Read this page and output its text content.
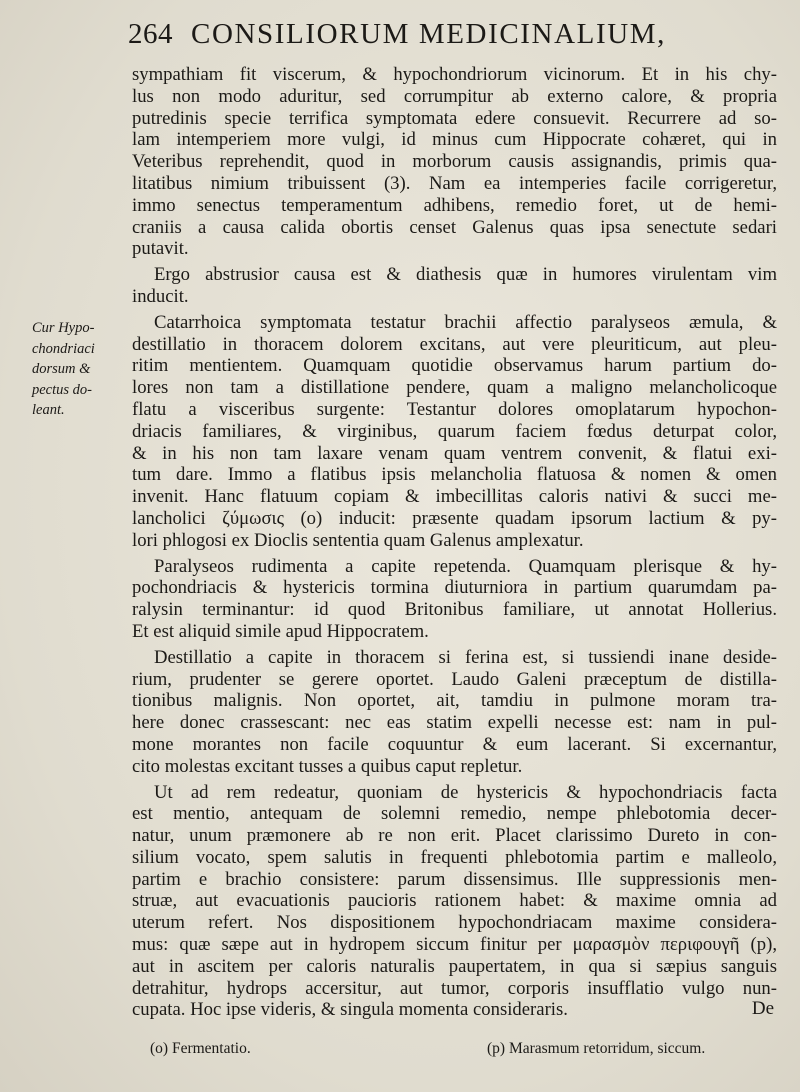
264 CONSILIORUM MEDICINALIUM,
Cur Hypo-
chondriaci
dorsum &
pectus do-
leant.
sympathiam fit viscerum, & hypochondriorum vicinorum. Et in his chy-
lus non modo aduritur, sed corrumpitur ab externo calore, & propria
putredinis specie terrifica symptomata edere consuevit. Recurrere ad so-
lam intemperiem more vulgi, id minus cum Hippocrate cohæret, qui in
Veteribus reprehendit, quod in morborum causis assignandis, primis qua-
litatibus nimium tribuissent (3). Nam ea intemperies facile corrigeretur,
immo senectus temperamentum adhibens, remedio foret, ut de hemi-
craniis a causa calida obortis censet Galenus quas ipsa senectute sedari
putavit.
Ergo abstrusior causa est & diathesis quæ in humores virulentam vim
inducit.
Catarrhoica symptomata testatur brachii affectio paralyseos æmula, &
destillatio in thoracem dolorem excitans, aut vere pleuriticum, aut pleu-
ritim mentientem. Quamquam quotidie observamus harum partium do-
lores non tam a distillatione pendere, quam a maligno melancholicoque
flatu a visceribus surgente: Testantur dolores omoplatarum hypochon-
driacis familiares, & virginibus, quarum faciem fœdus deturpat color,
& in his non tam laxare venam quam ventrem convenit, & flatui exi-
tum dare. Immo a flatibus ipsis melancholia flatuosa & nomen & omen
invenit. Hanc flatuum copiam & imbecillitas caloris nativi & succi me-
lancholici ζύμωσις (o) inducit: præsente quadam ipsorum lactium & py-
lori phlogosi ex Dioclis sententia quam Galenus amplexatur.
Paralyseos rudimenta a capite repetenda. Quamquam plerisque & hy-
pochondriacis & hystericis tormina diuturniora in partium quarumdam pa-
ralysin terminantur: id quod Britonibus familiare, ut annotat Hollerius.
Et est aliquid simile apud Hippocratem.
Destillatio a capite in thoracem si ferina est, si tussiendi inane deside-
rium, prudenter se gerere oportet. Laudo Galeni præceptum de distilla-
tionibus malignis. Non oportet, ait, tamdiu in pulmone moram tra-
here donec crassescant: nec eas statim expelli necesse est: nam in pul-
mone morantes non facile coquuntur & eum lacerant. Si excernantur,
cito molestas excitant tusses a quibus caput repletur.
Ut ad rem redeatur, quoniam de hystericis & hypochondriacis facta
est mentio, antequam de solemni remedio, nempe phlebotomia decer-
natur, unum præmonere ab re non erit. Placet clarissimo Dureto in con-
silium vocato, spem salutis in frequenti phlebotomia partim e malleolo,
partim e brachio consistere: parum dissensimus. Ille suppressionis men-
struæ, aut evacuationis paucioris rationem habet: & maxime omnia ad
uterum refert. Nos dispositionem hypochondriacam maxime considera-
mus: quæ sæpe aut in hydropem siccum finitur per μαρασμὸν περιφουγῆ (p),
aut in ascitem per caloris naturalis paupertatem, in qua si sæpius sanguis
detrahitur, hydrops accersitur, aut tumor, corporis insufflatio vulgo nun-
cupata. Hoc ipse videris, & singula momenta consideraris.	De
(o) Fermentatio.	(p) Marasmum retorridum, siccum.
